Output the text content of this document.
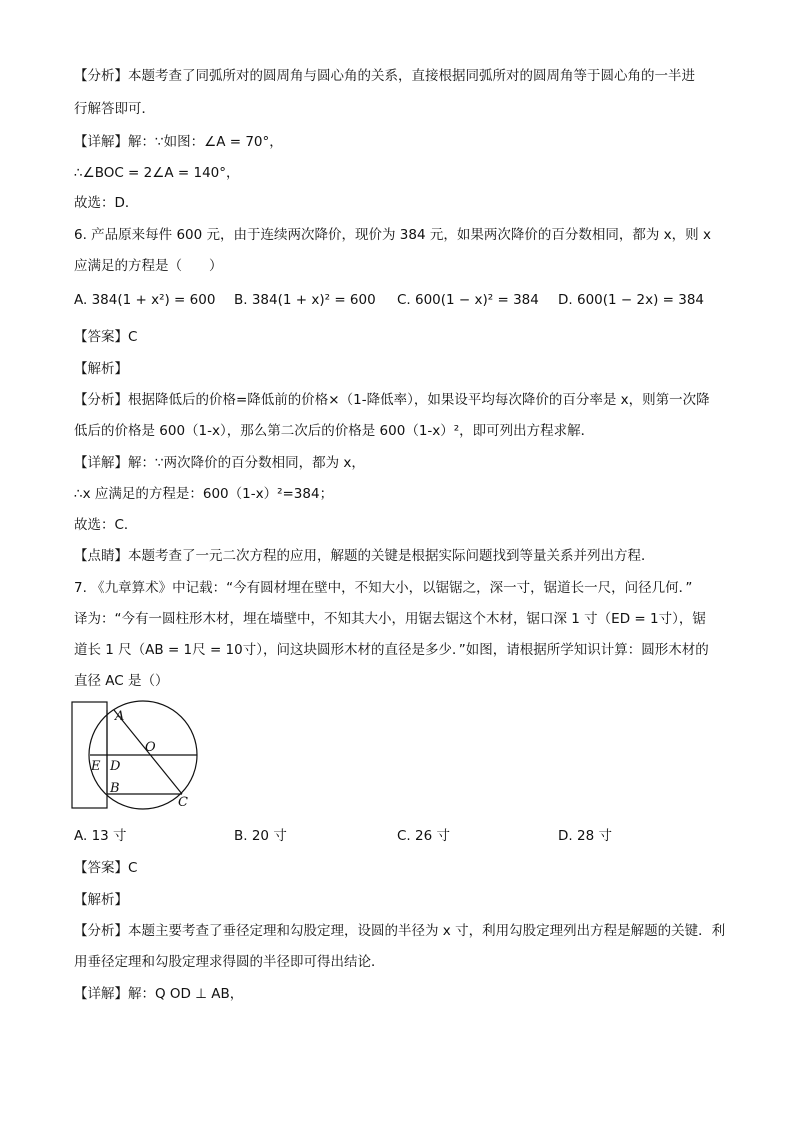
【分析】本题考查了同弧所对的圆周角与圆心角的关系，直接根据同弧所对的圆周角等于圆心角的一半进
行解答即可．
【详解】解：∵如图：∠A = 70°，
∴∠BOC = 2∠A = 140°，
故选：D．
6. 产品原来每件 600 元，由于连续两次降价，现价为 384 元，如果两次降价的百分数相同，都为 x，则 x
应满足的方程是（　　）
A. 384(1 + x²) = 600 B. 384(1 + x)² = 600 C. 600(1 − x)² = 384 D. 600(1 − 2x) = 384
【答案】C
【解析】
【分析】根据降低后的价格=降低前的价格×（1-降低率），如果设平均每次降价的百分率是 x，则第一次降
低后的价格是 600（1-x），那么第二次后的价格是 600（1-x）²，即可列出方程求解．
【详解】解：∵两次降价的百分数相同，都为 x，
∴x 应满足的方程是：600（1-x）²=384；
故选：C．
【点睛】本题考查了一元二次方程的应用，解题的关键是根据实际问题找到等量关系并列出方程．
7. 《九章算术》中记载：“今有圆材埋在壁中，不知大小，以锯锯之，深一寸，锯道长一尺，问径几何．”
译为：“今有一圆柱形木材，埋在墙壁中，不知其大小，用锯去锯这个木材，锯口深 1 寸（ED = 1寸），锯
道长 1 尺（AB = 1尺 = 10寸），问这块圆形木材的直径是多少．”如图，请根据所学知识计算：圆形木材的
直径 AC 是（）
A
O
E D
B
C
A. 13 寸	B. 20 寸	C. 26 寸	D. 28 寸
【答案】C
【解析】
【分析】本题主要考查了垂径定理和勾股定理，设圆的半径为 x 寸，利用勾股定理列出方程是解题的关键．利
用垂径定理和勾股定理求得圆的半径即可得出结论．
【详解】解：Q OD ⊥ AB，
